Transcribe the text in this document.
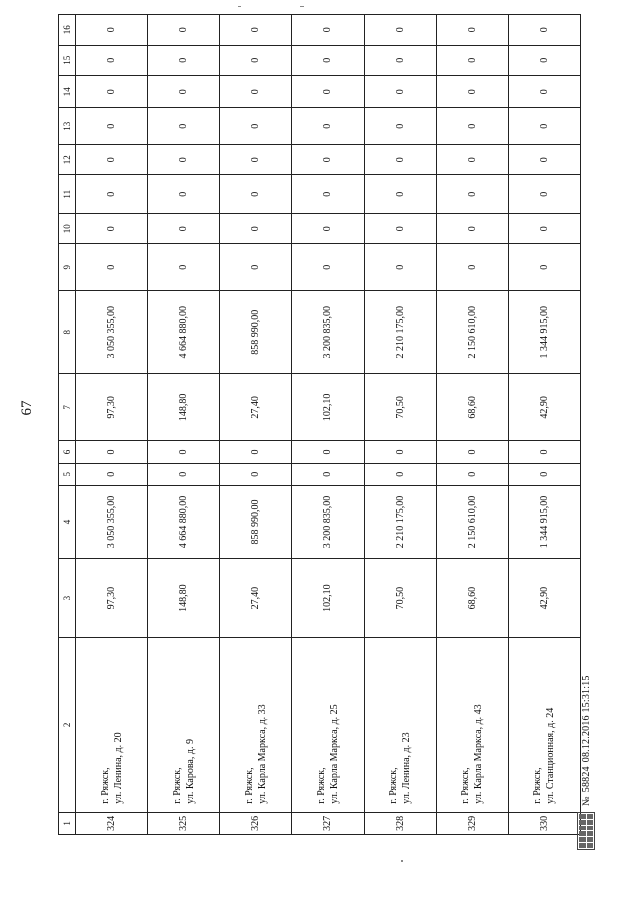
67
1	2	3	4	5	6	7	8	9	10	11	12	13	14	15	16
324	г. Ряжск, ул. Ленина, д. 20	97,30	3 050 355,00	0	0	97,30	3 050 355,00	0	0	0	0	0	0	0	0
325	г. Ряжск, ул. Карова, д. 9	148,80	4 664 880,00	0	0	148,80	4 664 880,00	0	0	0	0	0	0	0	0
326	г. Ряжск, ул. Карла Маркса, д. 33	27,40	858 990,00	0	0	27,40	858 990,00	0	0	0	0	0	0	0	0
327	г. Ряжск, ул. Карла Маркса, д. 25	102,10	3 200 835,00	0	0	102,10	3 200 835,00	0	0	0	0	0	0	0	0
328	г. Ряжск, ул. Ленина, д. 23	70,50	2 210 175,00	0	0	70,50	2 210 175,00	0	0	0	0	0	0	0	0
329	г. Ряжск, ул. Карла Маркса, д. 43	68,60	2 150 610,00	0	0	68,60	2 150 610,00	0	0	0	0	0	0	0	0
330	г. Ряжск, ул. Станционная, д. 24	42,90	1 344 915,00	0	0	42,90	1 344 915,00	0	0	0	0	0	0	0	0
№5882408.12.2016 15:31:15
